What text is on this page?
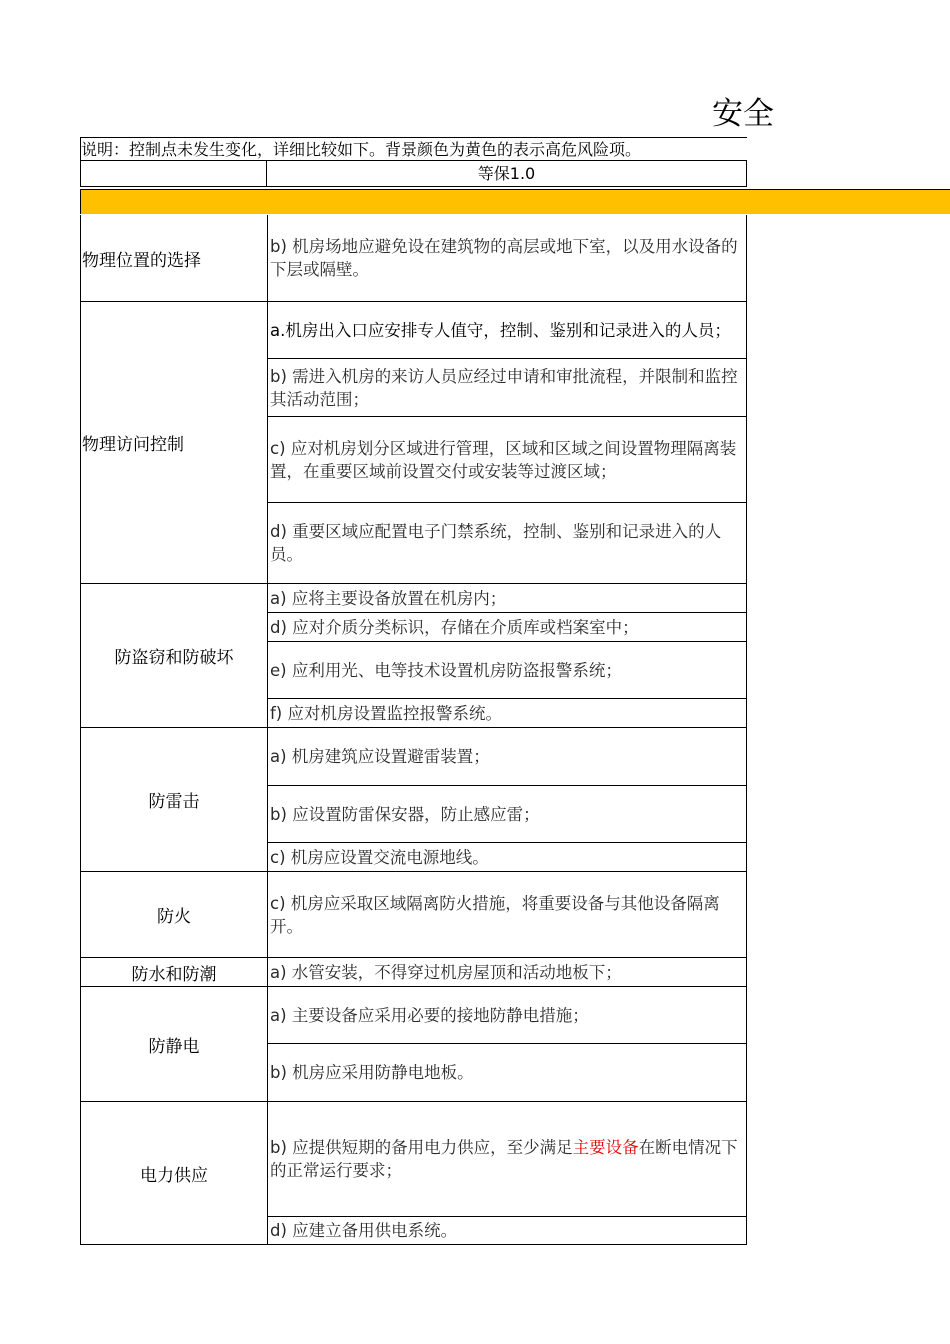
安全
说明：控制点未发生变化，详细比较如下。背景颜色为黄色的表示高危风险项。
等保1.0
物理位置的选择
物理访问控制
防盗窃和防破坏
防雷击
防火
防水和防潮
防静电
电力供应
b) 机房场地应避免设在建筑物的高层或地下室，以及用水设备的下层或隔壁。
a.机房出入口应安排专人值守，控制、鉴别和记录进入的人员；
b) 需进入机房的来访人员应经过申请和审批流程，并限制和监控其活动范围；
c) 应对机房划分区域进行管理，区域和区域之间设置物理隔离装置，在重要区域前设置交付或安装等过渡区域；
d) 重要区域应配置电子门禁系统，控制、鉴别和记录进入的人员。
a) 应将主要设备放置在机房内；
d) 应对介质分类标识，存储在介质库或档案室中；
e) 应利用光、电等技术设置机房防盗报警系统；
f) 应对机房设置监控报警系统。
a) 机房建筑应设置避雷装置；
b) 应设置防雷保安器，防止感应雷；
c) 机房应设置交流电源地线。
c) 机房应采取区域隔离防火措施，将重要设备与其他设备隔离开。
a) 水管安装，不得穿过机房屋顶和活动地板下；
a) 主要设备应采用必要的接地防静电措施；
b) 机房应采用防静电地板。
b) 应提供短期的备用电力供应，至少满足主要设备在断电情况下的正常运行要求；
d) 应建立备用供电系统。
